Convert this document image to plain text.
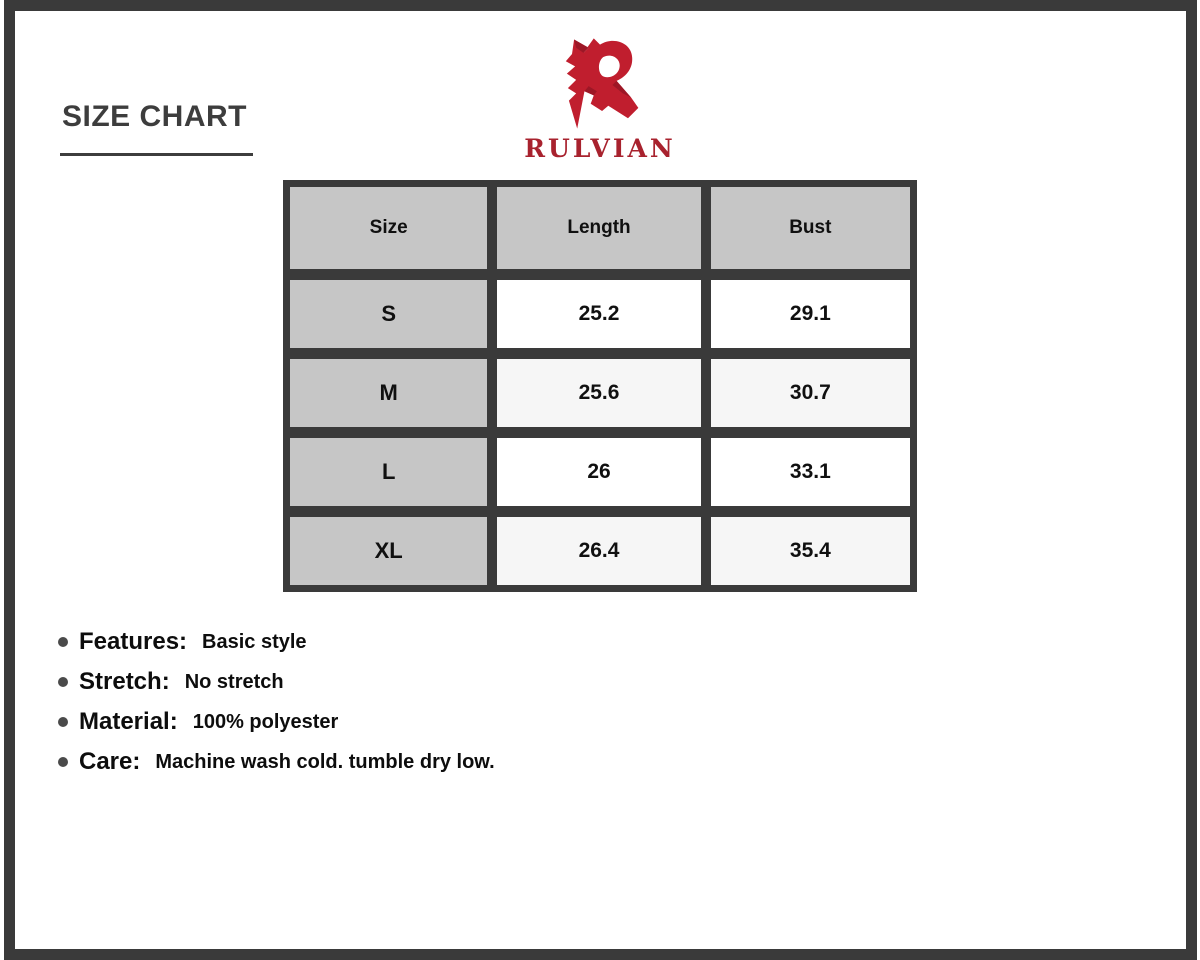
SIZE CHART
RULVIAN
Size	Length	Bust
S	25.2	29.1
M	25.6	30.7
L	26	33.1
XL	26.4	35.4
Features: Basic style
Stretch: No stretch
Material: 100% polyester
Care: Machine wash cold. tumble dry low.
